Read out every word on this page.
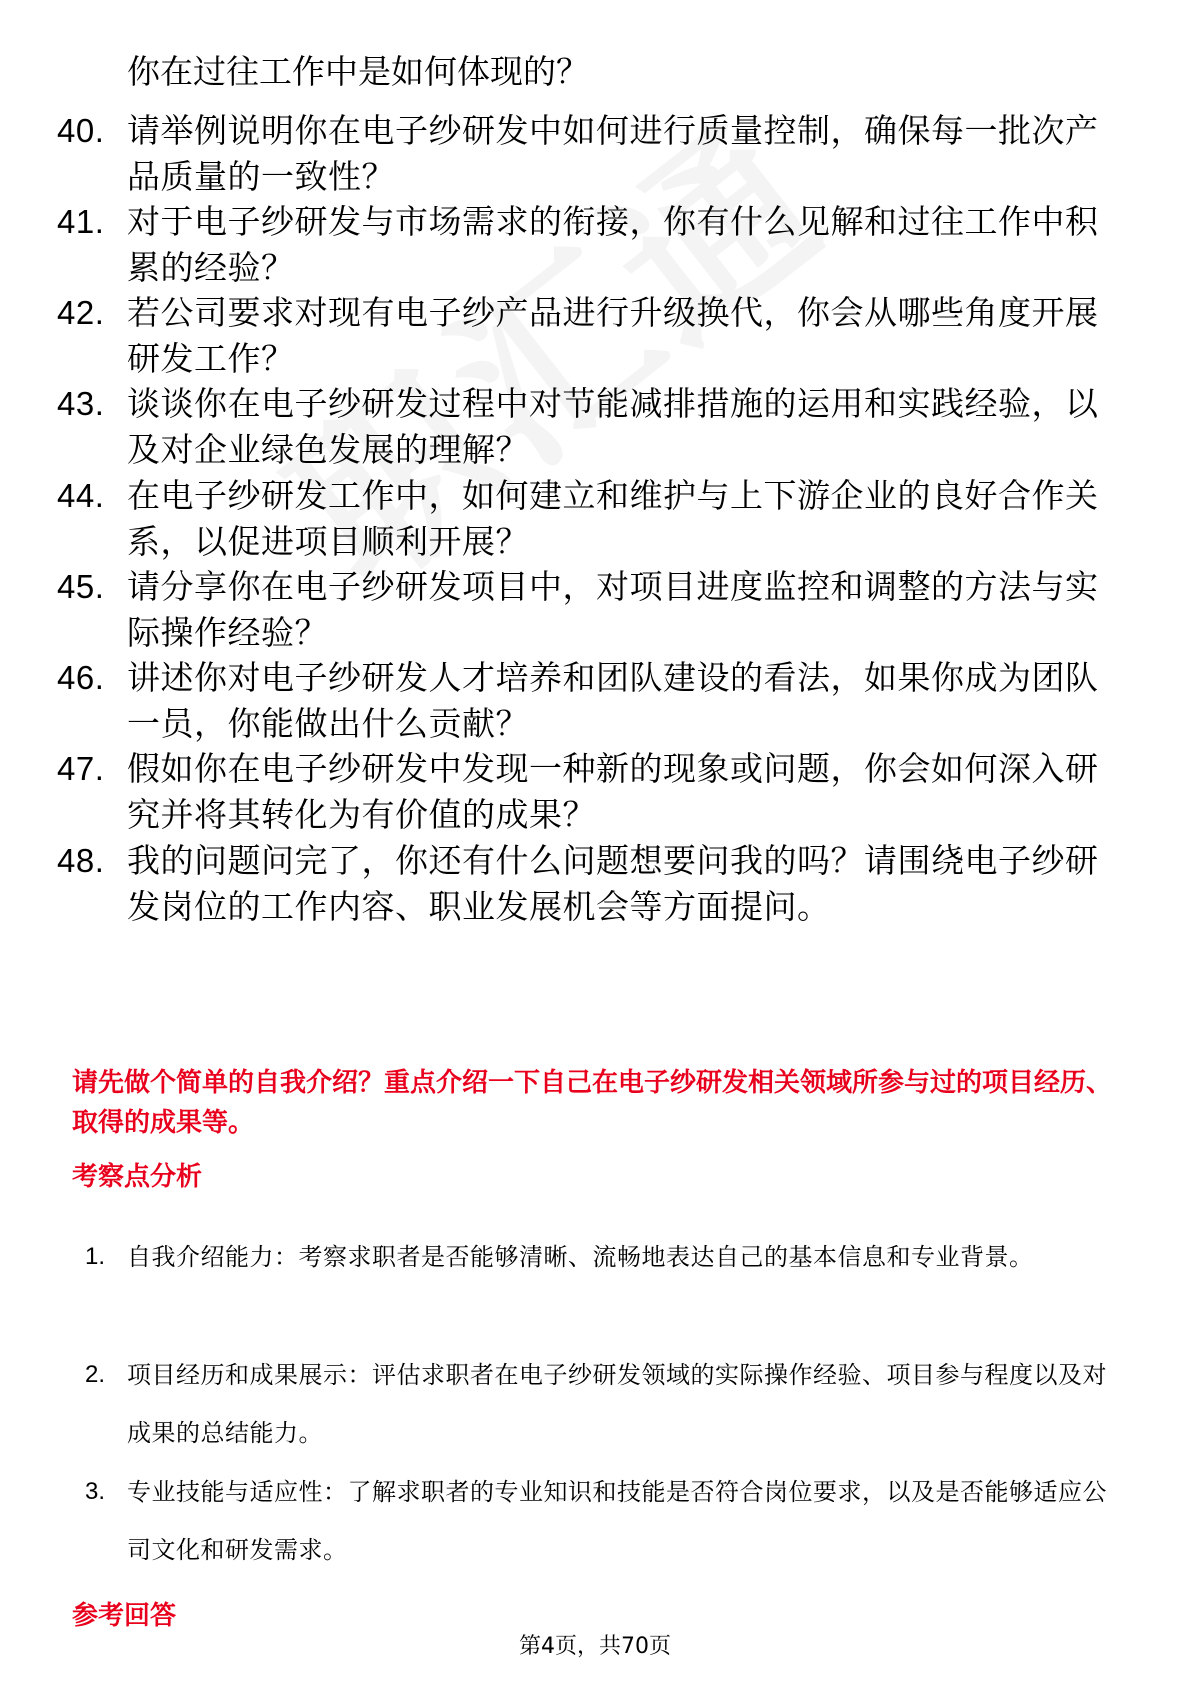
你在过往工作中是如何体现的？
40. 请举例说明你在电子纱研发中如何进行质量控制，确保每一批次产品质量的一致性？
41. 对于电子纱研发与市场需求的衔接，你有什么见解和过往工作中积累的经验？
42. 若公司要求对现有电子纱产品进行升级换代，你会从哪些角度开展研发工作？
43. 谈谈你在电子纱研发过程中对节能减排措施的运用和实践经验，以及对企业绿色发展的理解？
44. 在电子纱研发工作中，如何建立和维护与上下游企业的良好合作关系，以促进项目顺利开展？
45. 请分享你在电子纱研发项目中，对项目进度监控和调整的方法与实际操作经验？
46. 讲述你对电子纱研发人才培养和团队建设的看法，如果你成为团队一员，你能做出什么贡献？
47. 假如你在电子纱研发中发现一种新的现象或问题，你会如何深入研究并将其转化为有价值的成果？
48. 我的问题问完了，你还有什么问题想要问我的吗？请围绕电子纱研发岗位的工作内容、职业发展机会等方面提问。
请先做个简单的自我介绍？重点介绍一下自己在电子纱研发相关领域所参与过的项目经历、取得的成果等。
考察点分析
1. 自我介绍能力：考察求职者是否能够清晰、流畅地表达自己的基本信息和专业背景。
2. 项目经历和成果展示：评估求职者在电子纱研发领域的实际操作经验、项目参与程度以及对成果的总结能力。
3. 专业技能与适应性：了解求职者的专业知识和技能是否符合岗位要求，以及是否能够适应公司文化和研发需求。
参考回答
第4页，共70页
